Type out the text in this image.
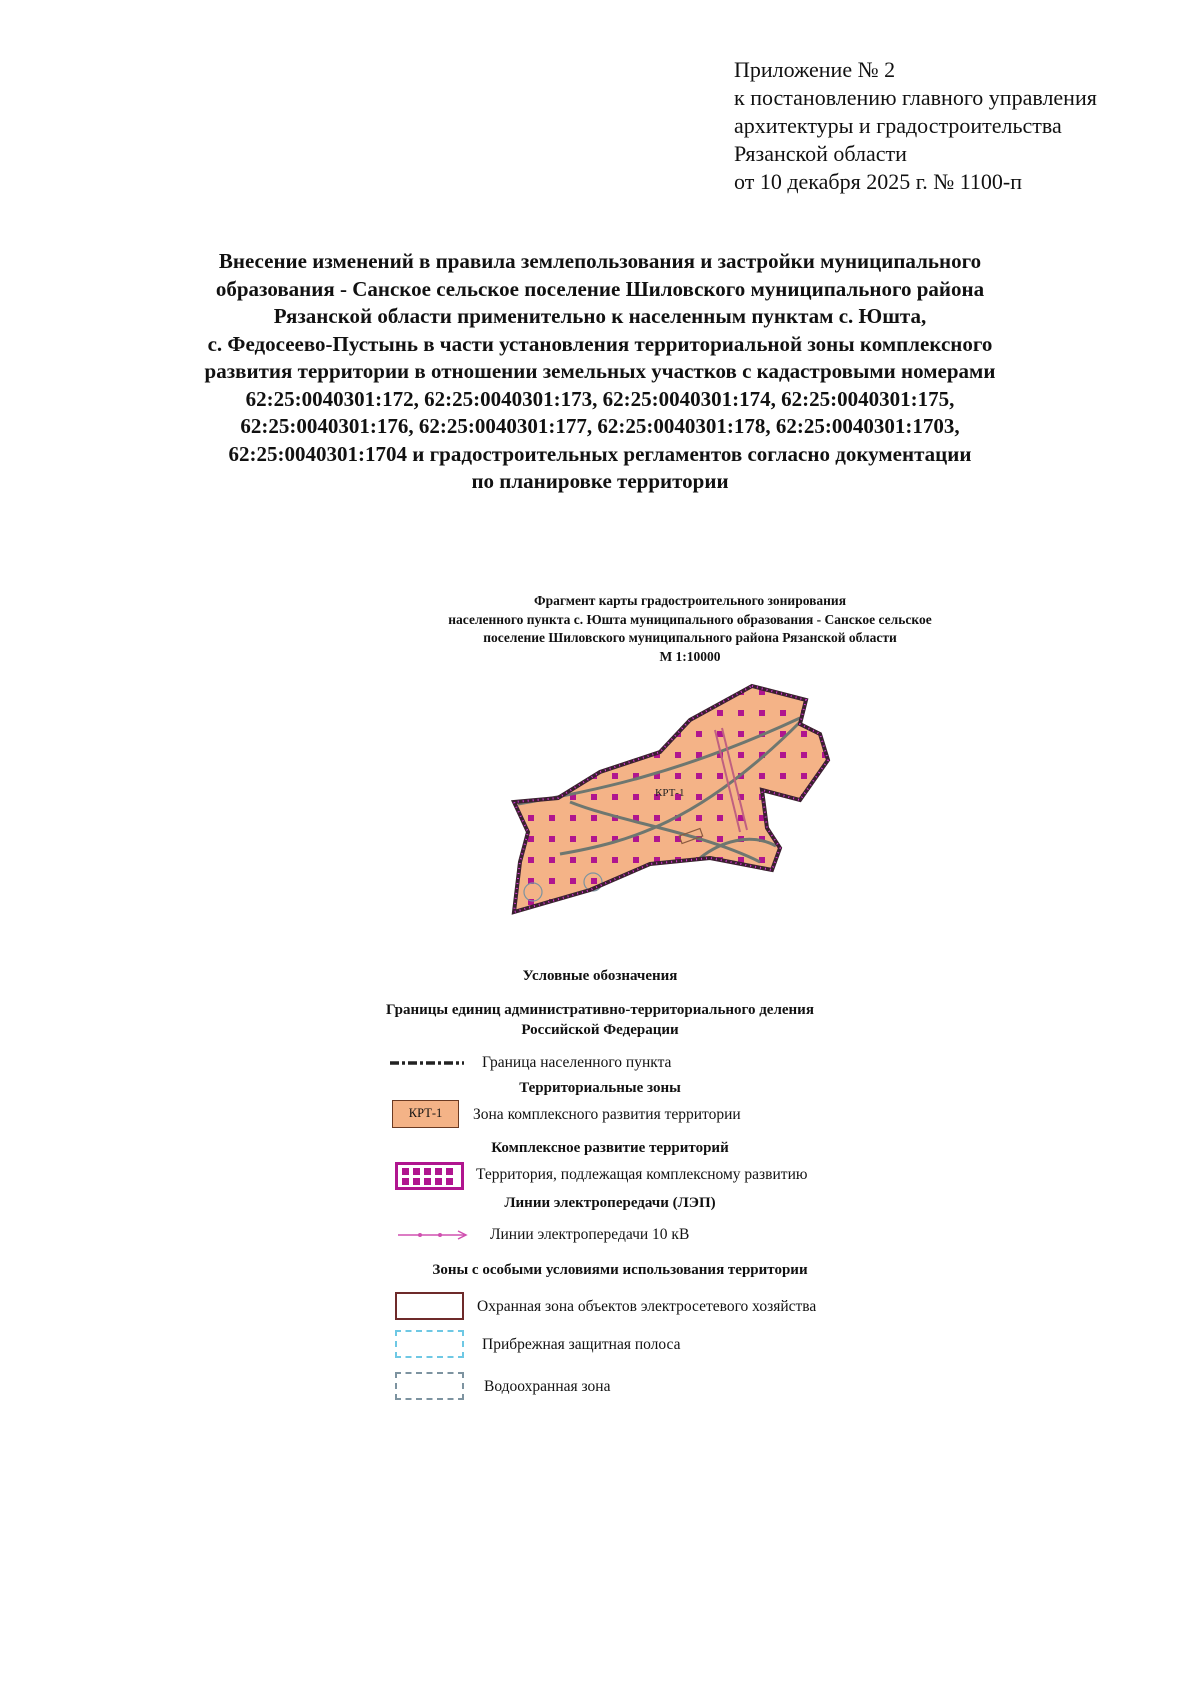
Приложение № 2
к постановлению главного управления
архитектуры и градостроительства
Рязанской области
от 10 декабря 2025 г. № 1100-п
Внесение изменений в правила землепользования и застройки муниципального
образования - Санское сельское поселение Шиловского муниципального района
Рязанской области применительно к населенным пунктам с. Юшта,
с. Федосеево-Пустынь в части установления территориальной зоны комплексного
развития территории в отношении земельных участков с кадастровыми номерами
62:25:0040301:172, 62:25:0040301:173, 62:25:0040301:174, 62:25:0040301:175,
62:25:0040301:176, 62:25:0040301:177, 62:25:0040301:178, 62:25:0040301:1703,
62:25:0040301:1704 и градостроительных регламентов согласно документации
по планировке территории
Фрагмент карты градостроительного зонирования
населенного пункта с. Юшта муниципального образования - Санское сельское
поселение Шиловского муниципального района Рязанской области
М 1:10000
КРТ-1
Условные обозначения
Границы единиц административно-территориального деления
Российской Федерации
Граница населенного пункта
Территориальные зоны
КРТ-1	Зона комплексного развития территории
Комплексное развитие территорий
Территория, подлежащая комплексному развитию
Линии электропередачи (ЛЭП)
Линии электропередачи 10 кВ
Зоны с особыми условиями использования территории
Охранная зона объектов электросетевого хозяйства
Прибрежная защитная полоса
Водоохранная зона
